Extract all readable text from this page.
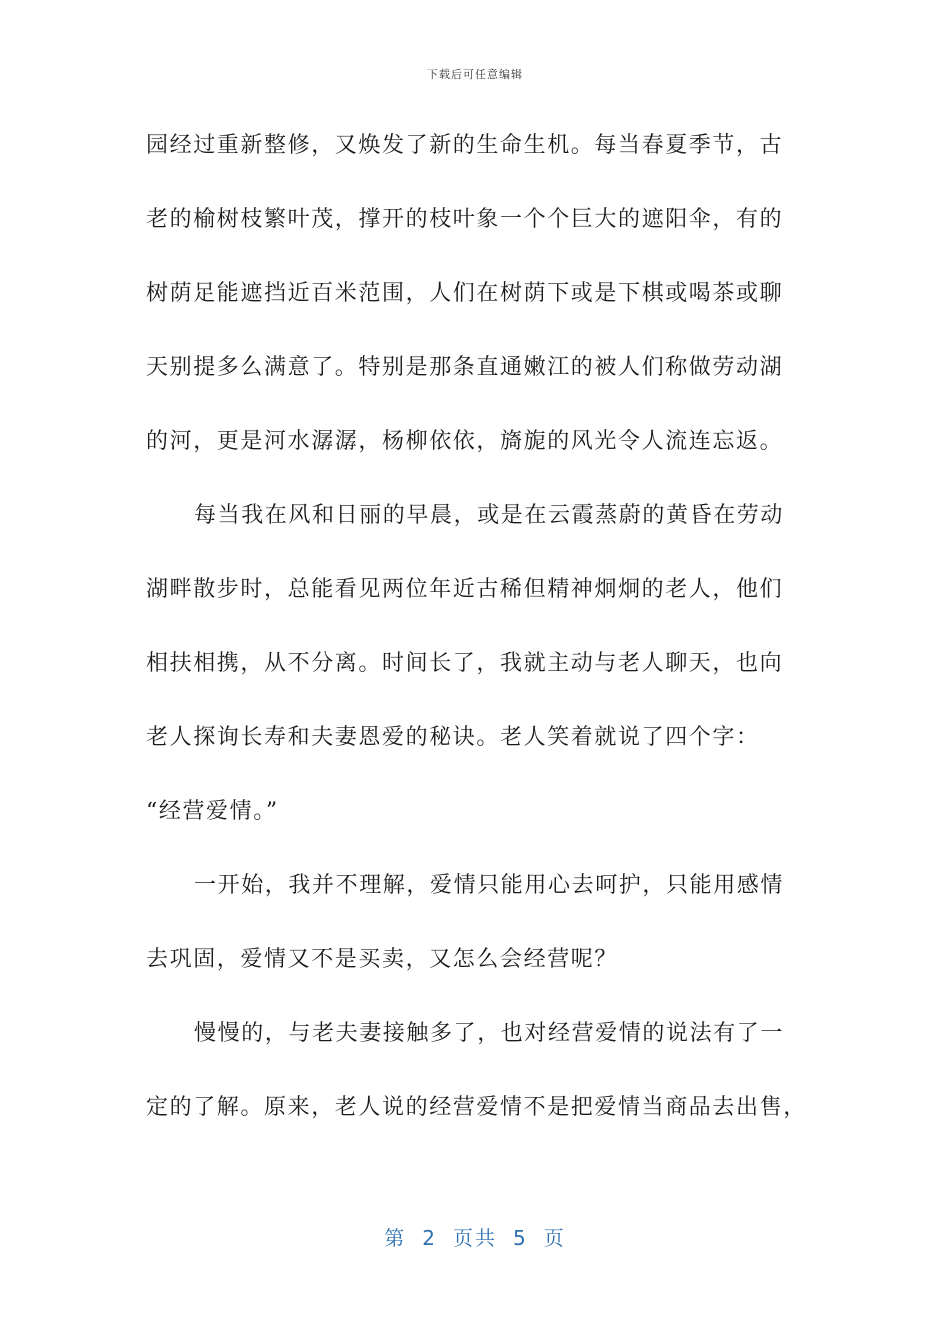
下载后可任意编辑
园经过重新整修，又焕发了新的生命生机。每当春夏季节，古
老的榆树枝繁叶茂，撑开的枝叶象一个个巨大的遮阳伞，有的
树荫足能遮挡近百米范围，人们在树荫下或是下棋或喝茶或聊
天别提多么满意了。特别是那条直通嫩江的被人们称做劳动湖
的河，更是河水潺潺，杨柳依依，旖旎的风光令人流连忘返。
每当我在风和日丽的早晨，或是在云霞蒸蔚的黄昏在劳动
湖畔散步时，总能看见两位年近古稀但精神炯炯的老人，他们
相扶相携，从不分离。时间长了，我就主动与老人聊天，也向
老人探询长寿和夫妻恩爱的秘诀。老人笑着就说了四个字：
“经营爱情。”
一开始，我并不理解，爱情只能用心去呵护，只能用感情
去巩固，爱情又不是买卖，又怎么会经营呢？
慢慢的，与老夫妻接触多了，也对经营爱情的说法有了一
定的了解。原来，老人说的经营爱情不是把爱情当商品去出售，
第 2 页共 5 页
